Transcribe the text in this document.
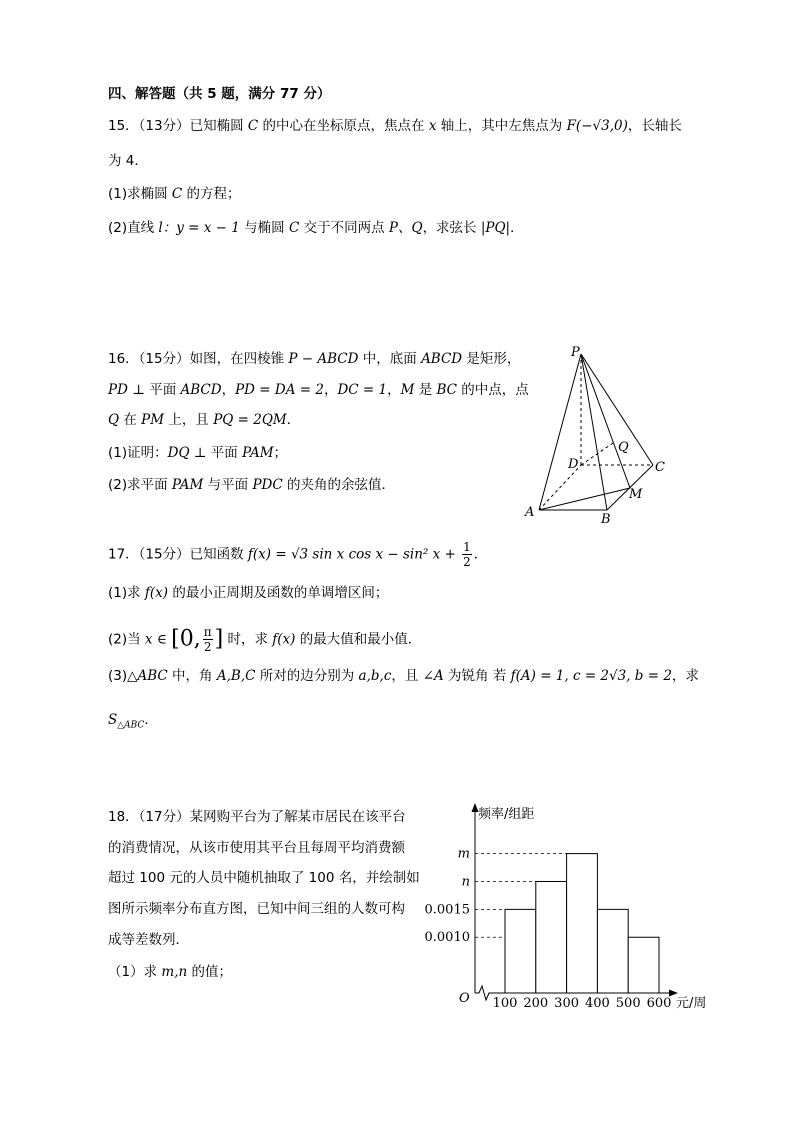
四、解答题（共 5 题，满分 77 分）
15．（13分）已知椭圆 C 的中心在坐标原点，焦点在 x 轴上，其中左焦点为 F(−√3,0)，长轴长
为 4．
(1)求椭圆 C 的方程；
(2)直线 l：y = x − 1 与椭圆 C 交于不同两点 P、Q，求弦长 |PQ|．
16．（15分）如图，在四棱锥 P − ABCD 中，底面 ABCD 是矩形，
PD ⊥ 平面 ABCD，PD = DA = 2，DC = 1，M 是 BC 的中点，点
Q 在 PM 上，且 PQ = 2QM．
(1)证明：DQ ⊥ 平面 PAM；
(2)求平面 PAM 与平面 PDC 的夹角的余弦值．
P
Q
D	C
M
A	B
17．（15分）已知函数 f(x) = √3 sin x cos x − sin² $x + \frac{1}{2}$ ．
(1)求 f(x) 的最小正周期及函数的单调增区间；
(2)当 x ∈ [0, $\frac{\pi}{2}$ ] 时，求 f(x) 的最大值和最小值．
(3)△ABC 中，角 A,B,C 所对的边分别为 a,b,c，且 ∠A 为锐角 若 f(A) = 1, c = 2√3, b = 2，求
$S_{\triangle ABC}$．
18．（17分）某网购平台为了解某市居民在该平台
的消费情况，从该市使用其平台且每周平均消费额
超过 100 元的人员中随机抽取了 100 名，并绘制如
图所示频率分布直方图，已知中间三组的人数可构
成等差数列．
（1）求 m,n 的值；
m
n
0.0015
0.0010
100 200 300 400 500 600
频率/组距
元/周
O
